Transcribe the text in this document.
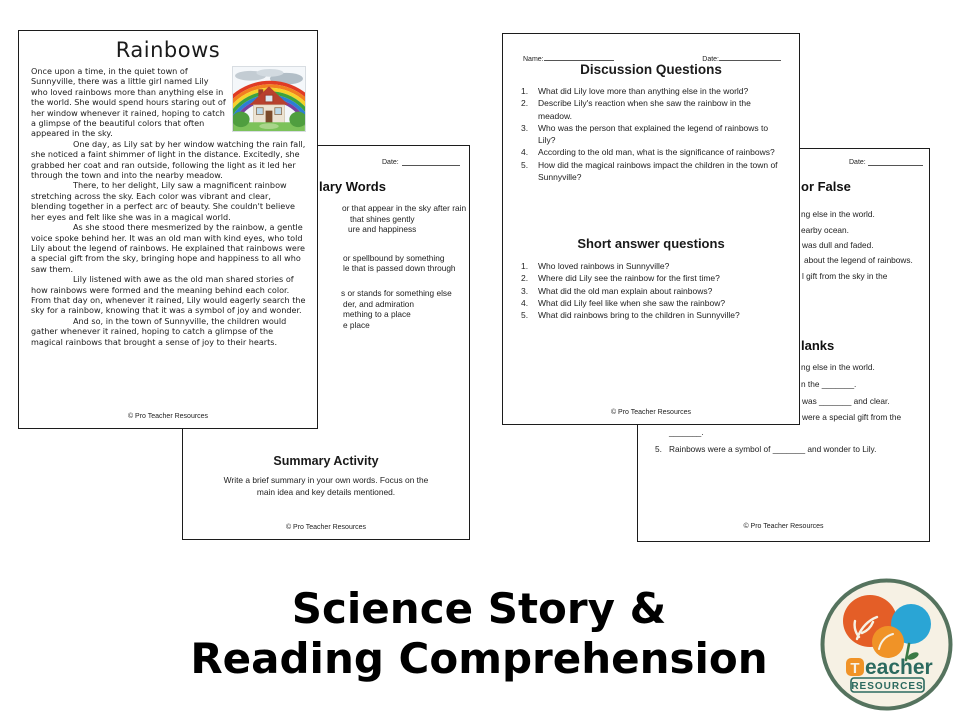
Date:
lary Words
or that appear in the sky after rain
that shines gently
ure and happiness
or spellbound by something
le that is passed down through
s or stands for something else
der, and admiration
mething to a place
e place
Summary Activity
Write a brief summary in your own words. Focus on the
main idea and key details mentioned.
© Pro Teacher Resources
Date:
or False
ng else in the world.
earby ocean.
was dull and faded.
about the legend of rainbows.
l gift from the sky in the
lanks
ng else in the world.
n the _______.
was _______ and clear.
were a special gift from the
_______.
5. Rainbows were a symbol of _______ and wonder to Lily.
© Pro Teacher Resources
Rainbows

Once upon a time, in the quiet town of Sunnyville, there was a little girl named Lily who loved rainbows more than anything else in the world. She would spend hours staring out of her window whenever it rained, hoping to catch a glimpse of the beautiful colors that often appeared in the sky.

One day, as Lily sat by her window watching the rain fall, she noticed a faint shimmer of light in the distance. Excitedly, she grabbed her coat and ran outside, following the light as it led her through the town and into the nearby meadow.

There, to her delight, Lily saw a magnificent rainbow stretching across the sky. Each color was vibrant and clear, blending together in a perfect arc of beauty. She couldn't believe her eyes and felt like she was in a magical world.

As she stood there mesmerized by the rainbow, a gentle voice spoke behind her. It was an old man with kind eyes, who told Lily about the legend of rainbows. He explained that rainbows were a special gift from the sky, bringing hope and happiness to all who saw them.

Lily listened with awe as the old man shared stories of how rainbows were formed and the meaning behind each color. From that day on, whenever it rained, Lily would eagerly search the sky for a rainbow, knowing that it was a symbol of joy and wonder.

And so, in the town of Sunnyville, the children would gather whenever it rained, hoping to catch a glimpse of the magical rainbows that brought a sense of joy to their hearts.

© Pro Teacher Resources
Name:	Date:
Discussion Questions
1.	What did Lily love more than anything else in the world?
2.	Describe Lily's reaction when she saw the rainbow in the meadow.
3.	Who was the person that explained the legend of rainbows to Lily?
4.	According to the old man, what is the significance of rainbows?
5.	How did the magical rainbows impact the children in the town of Sunnyville?
Short answer questions
1.	Who loved rainbows in Sunnyville?
2.	Where did Lily see the rainbow for the first time?
3.	What did the old man explain about rainbows?
4.	What did Lily feel like when she saw the rainbow?
5.	What did rainbows bring to the children in Sunnyville?
© Pro Teacher Resources
Science Story &
Reading Comprehension	T eacher
RESOURCES
